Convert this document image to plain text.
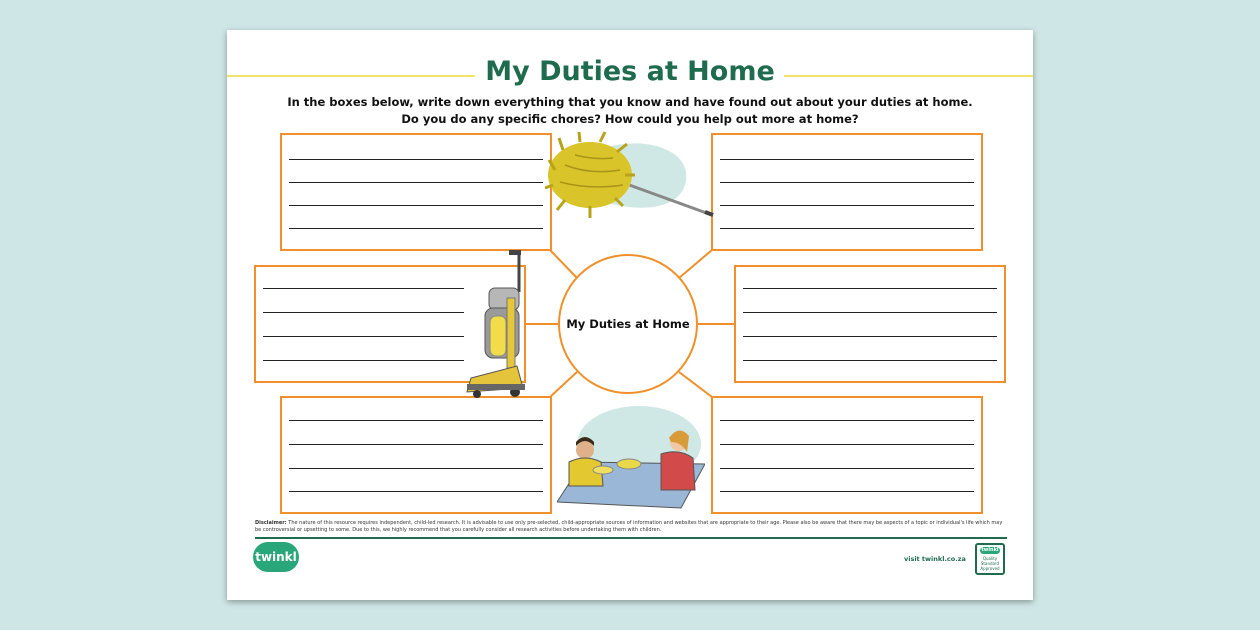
My Duties at Home
In the boxes below, write down everything that you know and have found out about your duties at home.
Do you do any specific chores? How could you help out more at home?
My Duties at Home
Disclaimer: The nature of this resource requires independent, child-led research. It is advisable to use only pre-selected, child-appropriate sources of information and websites that are appropriate to their age. Please also be aware that there may be aspects of a topic or individual's life which may be controversial or upsetting to some. Due to this, we highly recommend that you carefully consider all research activities before undertaking them with children.
twinkl	visit twinkl.co.za
twinkl
Quality Standard Approved
